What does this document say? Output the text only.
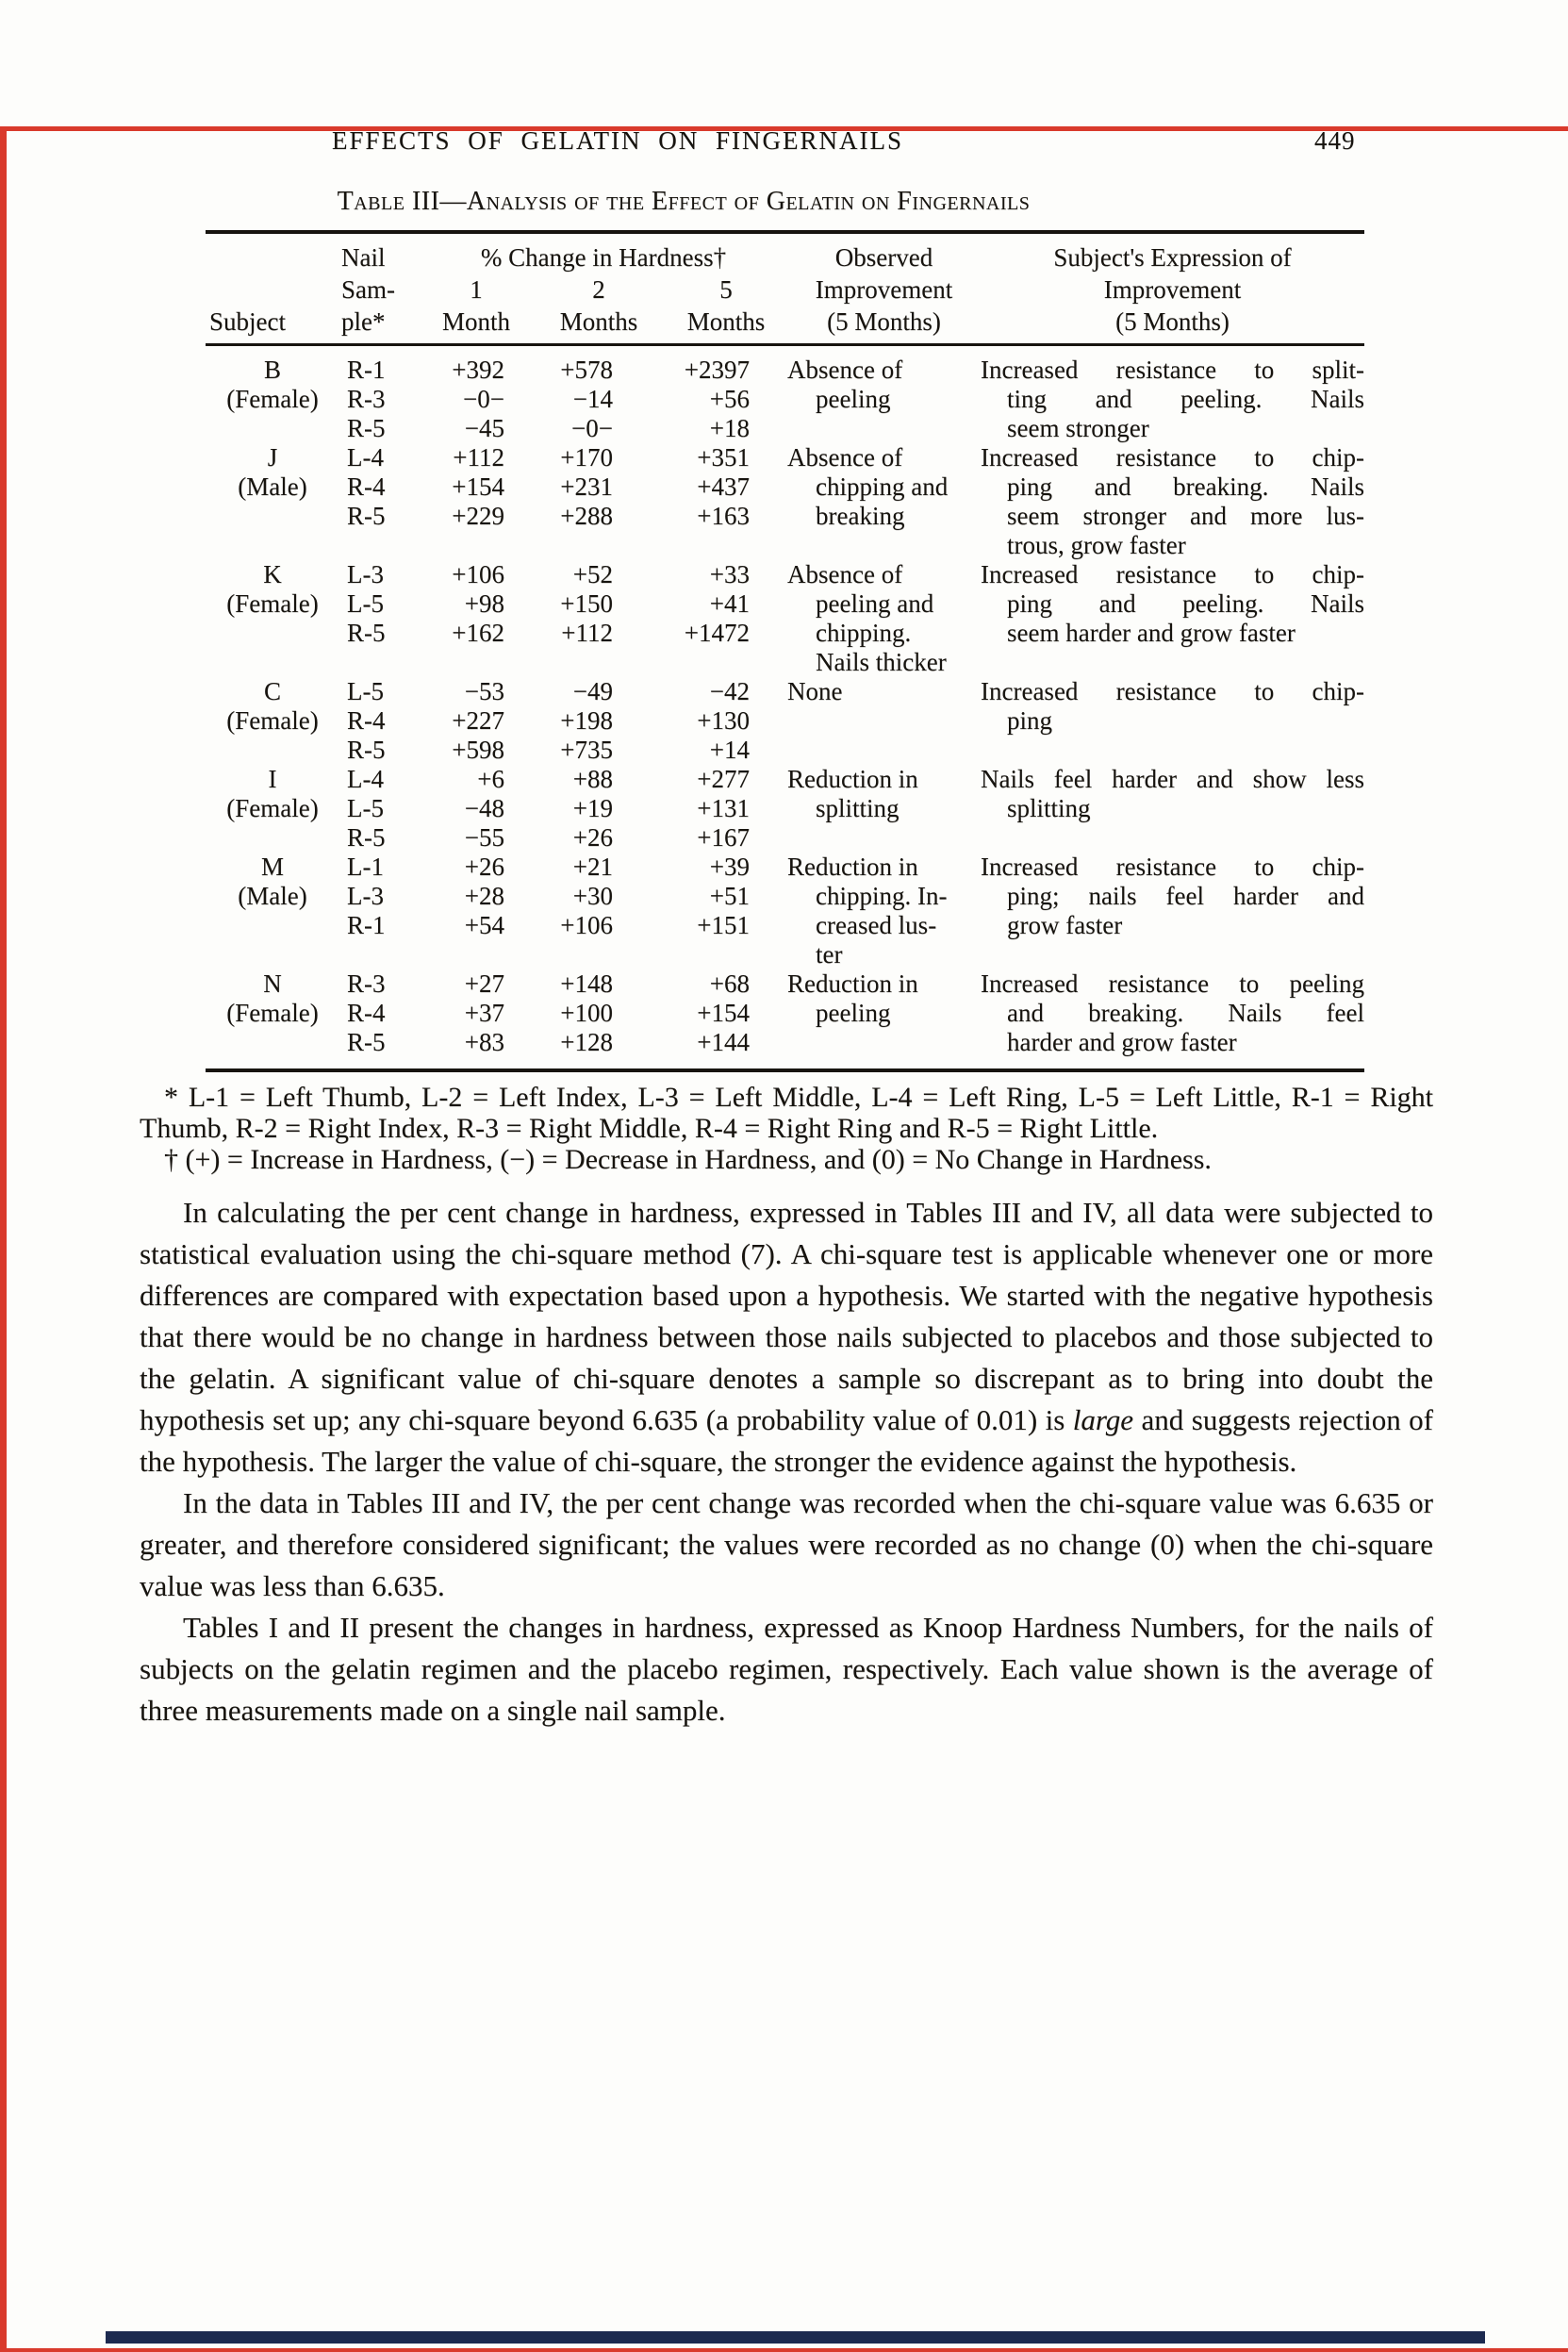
EFFECTS OF GELATIN ON FINGERNAILS	449
Table III—Analysis of the Effect of Gelatin on Fingernails
Subject
Nail
Sam-
ple*
% Change in Hardness†
1
Month
2
Months
5
Months
Observed
Improvement
(5 Months)
Subject's Expression of
Improvement
(5 Months)
B
(Female)
R-1
R-3
R-5
+392
−0−
−45
+578
−14
−0−
+2397
+56
+18
Absence of
peeling
Increased resistance to split-
ting and peeling. Nails
seem stronger
J
(Male)
L-4
R-4
R-5
+112
+154
+229
+170
+231
+288
+351
+437
+163
Absence of
chipping and
breaking
Increased resistance to chip-
ping and breaking. Nails
seem stronger and more lus-
trous, grow faster
K
(Female)
L-3
L-5
R-5
+106
+98
+162
+52
+150
+112
+33
+41
+1472
Absence of
peeling and
chipping.
Nails thicker
Increased resistance to chip-
ping and peeling. Nails
seem harder and grow faster
C
(Female)
L-5
R-4
R-5
−53
+227
+598
−49
+198
+735
−42
+130
+14
None	Increased resistance to chip-
ping
I
(Female)
L-4
L-5
R-5
+6
−48
−55
+88
+19
+26
+277
+131
+167
Reduction in
splitting
Nails feel harder and show less
splitting
M
(Male)
L-1
L-3
R-1
+26
+28
+54
+21
+30
+106
+39
+51
+151
Reduction in
chipping. In-
creased lus-
ter
Increased resistance to chip-
ping; nails feel harder and
grow faster
N
(Female)
R-3
R-4
R-5
+27
+37
+83
+148
+100
+128
+68
+154
+144
Reduction in
peeling
Increased resistance to peeling
and breaking. Nails feel
harder and grow faster

* L-1 = Left Thumb, L-2 = Left Index, L-3 = Left Middle, L-4 = Left Ring, L-5 = Left Little, R-1 = Right Thumb, R-2 = Right Index, R-3 = Right Middle, R-4 = Right Ring and R-5 = Right Little.

† (+) = Increase in Hardness, (−) = Decrease in Hardness, and (0) = No Change in Hardness.

In calculating the per cent change in hardness, expressed in Tables III and IV, all data were subjected to statistical evaluation using the chi-square method (7). A chi-square test is applicable whenever one or more differences are compared with expectation based upon a hypothesis. We started with the negative hypothesis that there would be no change in hardness between those nails subjected to placebos and those subjected to the gelatin. A significant value of chi-square denotes a sample so discrepant as to bring into doubt the hypothesis set up; any chi-square beyond 6.635 (a probability value of 0.01) is large and suggests rejection of the hypothesis. The larger the value of chi-square, the stronger the evidence against the hypothesis.

In the data in Tables III and IV, the per cent change was recorded when the chi-square value was 6.635 or greater, and therefore considered significant; the values were recorded as no change (0) when the chi-square value was less than 6.635.

Tables I and II present the changes in hardness, expressed as Knoop Hardness Numbers, for the nails of subjects on the gelatin regimen and the placebo regimen, respectively. Each value shown is the average of three measurements made on a single nail sample.
